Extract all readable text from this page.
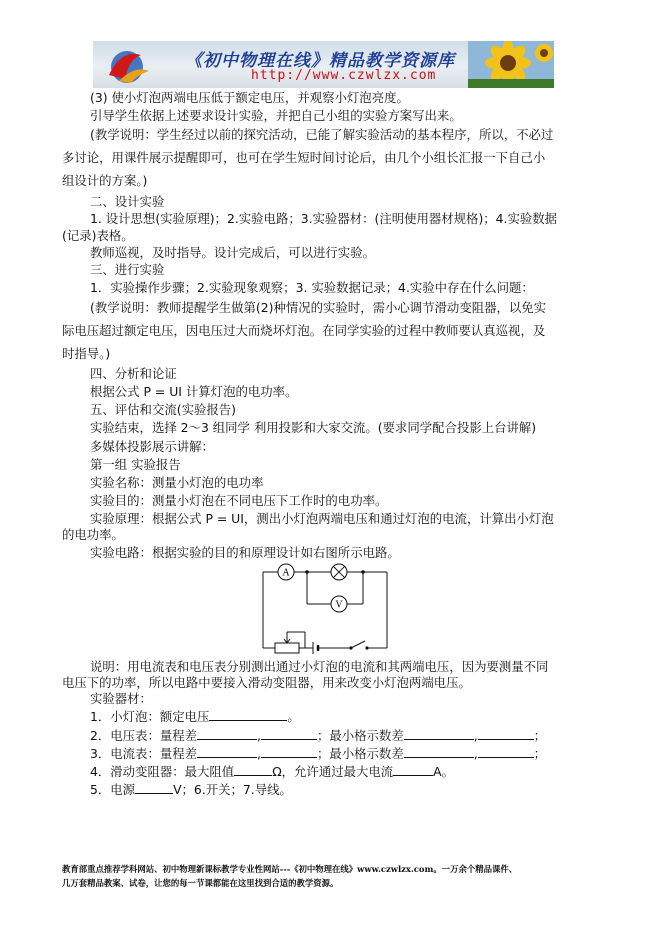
《初中物理在线》精品教学资源库
http://www.czwlzx.com
(3) 使小灯泡两端电压低于额定电压，并观察小灯泡亮度。
引导学生依据上述要求设计实验，并把自己小组的实验方案写出来。
(教学说明：学生经过以前的探究活动，已能了解实验活动的基本程序，所以，不必过
多讨论，用课件展示提醒即可，也可在学生短时间讨论后，由几个小组长汇报一下自己小
组设计的方案。)
二、设计实验
1. 设计思想(实验原理)；2.实验电路；3.实验器材：(注明使用器材规格)；4.实验数据
(记录)表格。
教师巡视，及时指导。设计完成后，可以进行实验。
三、进行实验
1．实验操作步骤；2.实验现象观察；3. 实验数据记录；4.实验中存在什么问题：
(教学说明：教师提醒学生做第(2)种情况的实验时，需小心调节滑动变阻器，以免实
际电压超过额定电压，因电压过大而烧坏灯泡。在同学实验的过程中教师要认真巡视，及
时指导。)
四、分析和论证
根据公式 P = UI 计算灯泡的电功率。
五、评估和交流(实验报告)
实验结束，选择 2～3 组同学 利用投影和大家交流。(要求同学配合投影上台讲解)
多媒体投影展示讲解：
第一组 实验报告
实验名称：测量小灯泡的电功率
实验目的：测量小灯泡在不同电压下工作时的电功率。
实验原理：根据公式 P = UI，测出小灯泡两端电压和通过灯泡的电流，计算出小灯泡
的电功率。
实验电路：根据实验的目的和原理设计如右图所示电路。
A
V
说明：用电流表和电压表分别测出通过小灯泡的电流和其两端电压，因为要测量不同
电压下的功率，所以电路中要接入滑动变阻器，用来改变小灯泡两端电压。
实验器材：
1．小灯泡：额定电压	。
2．电压表：量程差	,	；最小格示数差	,	；
3．电流表：量程差	,	；最小格示数差	,	；
4．滑动变阻器：最大阻值	Ω，允许通过最大电流	A。
5．电源	V；6.开关；7.导线。
教育部重点推荐学科网站、初中物理新课标教学专业性网站---《初中物理在线》www.czwlzx.com。一万余个精品课件、
几万套精品教案、试卷，让您的每一节课都能在这里找到合适的教学资源。
